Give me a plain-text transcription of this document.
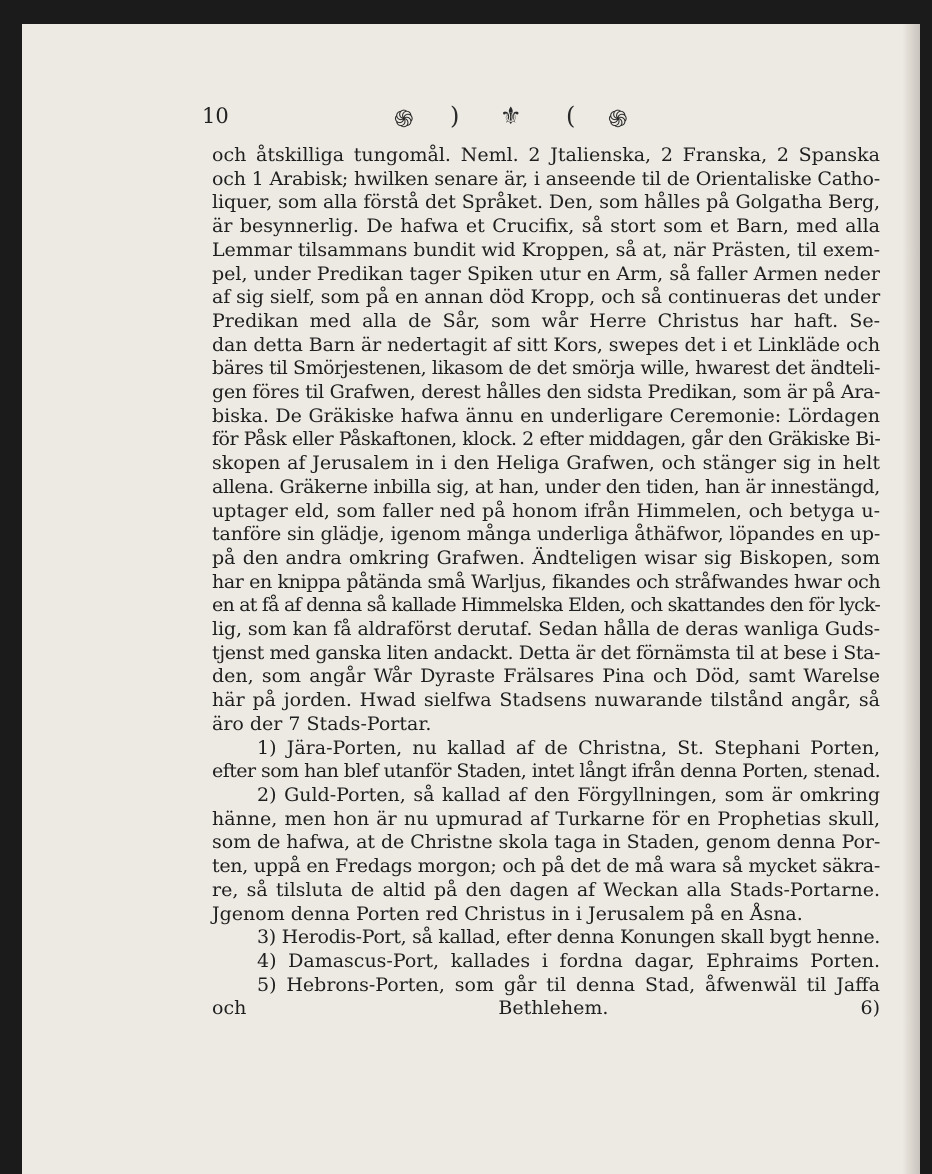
10	֍ ) ⚜ ( ֍
och åtskilliga tungomål. Neml. 2 Jtalienska, 2 Franska, 2 Spanska
och 1 Arabisk; hwilken senare är, i anseende til de Orientaliske Catho-
liquer, som alla förstå det Språket. Den, som hålles på Golgatha Berg,
är besynnerlig. De hafwa et Crucifix, så stort som et Barn, med alla
Lemmar tilsammans bundit wid Kroppen, så at, när Prästen, til exem-
pel, under Predikan tager Spiken utur en Arm, så faller Armen neder
af sig sielf, som på en annan död Kropp, och så continueras det under
Predikan med alla de Sår, som wår Herre Christus har haft. Se-
dan detta Barn är nedertagit af sitt Kors, swepes det i et Linkläde och
bäres til Smörjestenen, likasom de det smörja wille, hwarest det ändteli-
gen föres til Grafwen, derest hålles den sidsta Predikan, som är på Ara-
biska. De Gräkiske hafwa ännu en underligare Ceremonie: Lördagen
för Påsk eller Påskaftonen, klock. 2 efter middagen, går den Gräkiske Bi-
skopen af Jerusalem in i den Heliga Grafwen, och stänger sig in helt
allena. Gräkerne inbilla sig, at han, under den tiden, han är innestängd,
uptager eld, som faller ned på honom ifrån Himmelen, och betyga u-
tanföre sin glädje, igenom många underliga åthäfwor, löpandes en up-
på den andra omkring Grafwen. Ändteligen wisar sig Biskopen, som
har en knippa påtända små Warljus, fikandes och stråfwandes hwar och
en at få af denna så kallade Himmelska Elden, och skattandes den för lyck-
lig, som kan få aldraförst derutaf. Sedan hålla de deras wanliga Guds-
tjenst med ganska liten andackt. Detta är det förnämsta til at bese i Sta-
den, som angår Wår Dyraste Frälsares Pina och Död, samt Warelse
här på jorden. Hwad sielfwa Stadsens nuwarande tilstånd angår, så
äro der 7 Stads-Portar.
1) Jära-Porten, nu kallad af de Christna, St. Stephani Porten,
efter som han blef utanför Staden, intet långt ifrån denna Porten, stenad.
2) Guld-Porten, så kallad af den Förgyllningen, som är omkring
hänne, men hon är nu upmurad af Turkarne för en Prophetias skull,
som de hafwa, at de Christne skola taga in Staden, genom denna Por-
ten, uppå en Fredags morgon; och på det de må wara så mycket säkra-
re, så tilsluta de altid på den dagen af Weckan alla Stads-Portarne.
Jgenom denna Porten red Christus in i Jerusalem på en Åsna.
3) Herodis-Port, så kallad, efter denna Konungen skall bygt henne.
4) Damascus-Port, kallades i fordna dagar, Ephraims Porten.
5) Hebrons-Porten, som går til denna Stad, åfwenwäl til Jaffa
och Bethlehem. 6)
